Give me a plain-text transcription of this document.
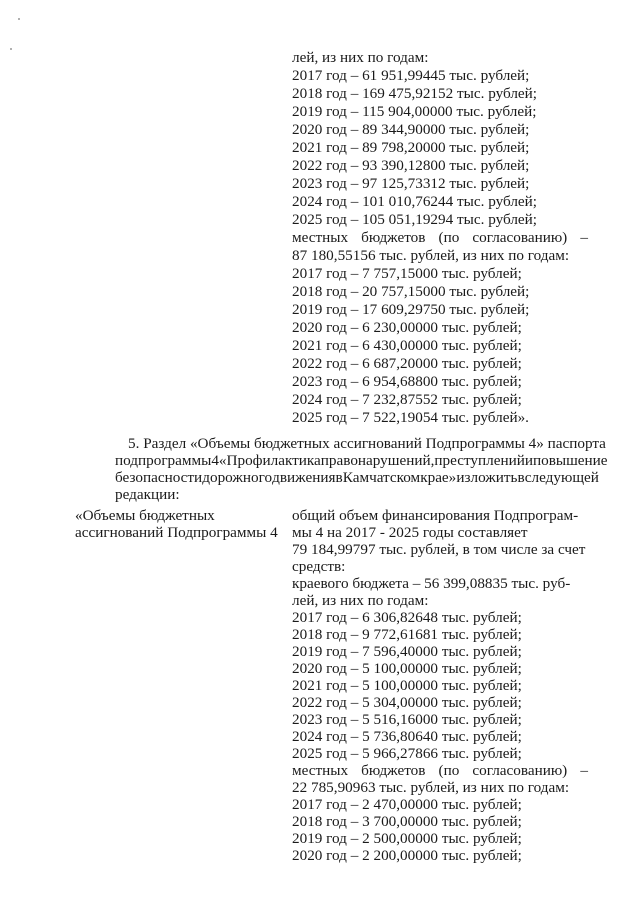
лей, из них по годам:
2017 год – 61 951,99445 тыс. рублей;
2018 год – 169 475,92152 тыс. рублей;
2019 год – 115 904,00000 тыс. рублей;
2020 год – 89 344,90000 тыс. рублей;
2021 год – 89 798,20000 тыс. рублей;
2022 год – 93 390,12800 тыс. рублей;
2023 год – 97 125,73312 тыс. рублей;
2024 год – 101 010,76244 тыс. рублей;
2025 год – 105 051,19294 тыс. рублей;
местных бюджетов (по согласованию) –
87 180,55156 тыс. рублей, из них по годам:
2017 год – 7 757,15000 тыс. рублей;
2018 год – 20 757,15000 тыс. рублей;
2019 год – 17 609,29750 тыс. рублей;
2020 год – 6 230,00000 тыс. рублей;
2021 год – 6 430,00000 тыс. рублей;
2022 год – 6 687,20000 тыс. рублей;
2023 год – 6 954,68800 тыс. рублей;
2024 год – 7 232,87552 тыс. рублей;
2025 год – 7 522,19054 тыс. рублей».
5. Раздел «Объемы бюджетных ассигнований Подпрограммы 4» паспорта
подпрограммы 4 «Профилактика правонарушений, преступлений и повышение
безопасности дорожного движения в Камчатском крае» изложить в следующей
редакции:
«Объемы бюджетных
ассигнований Подпрограммы 4
общий объем финансирования Подпрограм-
мы 4 на 2017 - 2025 годы составляет
79 184,99797 тыс. рублей, в том числе за счет
средств:
краевого бюджета – 56 399,08835 тыс. руб-
лей, из них по годам:
2017 год – 6 306,82648 тыс. рублей;
2018 год – 9 772,61681 тыс. рублей;
2019 год – 7 596,40000 тыс. рублей;
2020 год – 5 100,00000 тыс. рублей;
2021 год – 5 100,00000 тыс. рублей;
2022 год – 5 304,00000 тыс. рублей;
2023 год – 5 516,16000 тыс. рублей;
2024 год – 5 736,80640 тыс. рублей;
2025 год – 5 966,27866 тыс. рублей;
местных бюджетов (по согласованию) –
22 785,90963 тыс. рублей, из них по годам:
2017 год – 2 470,00000 тыс. рублей;
2018 год – 3 700,00000 тыс. рублей;
2019 год – 2 500,00000 тыс. рублей;
2020 год – 2 200,00000 тыс. рублей;
